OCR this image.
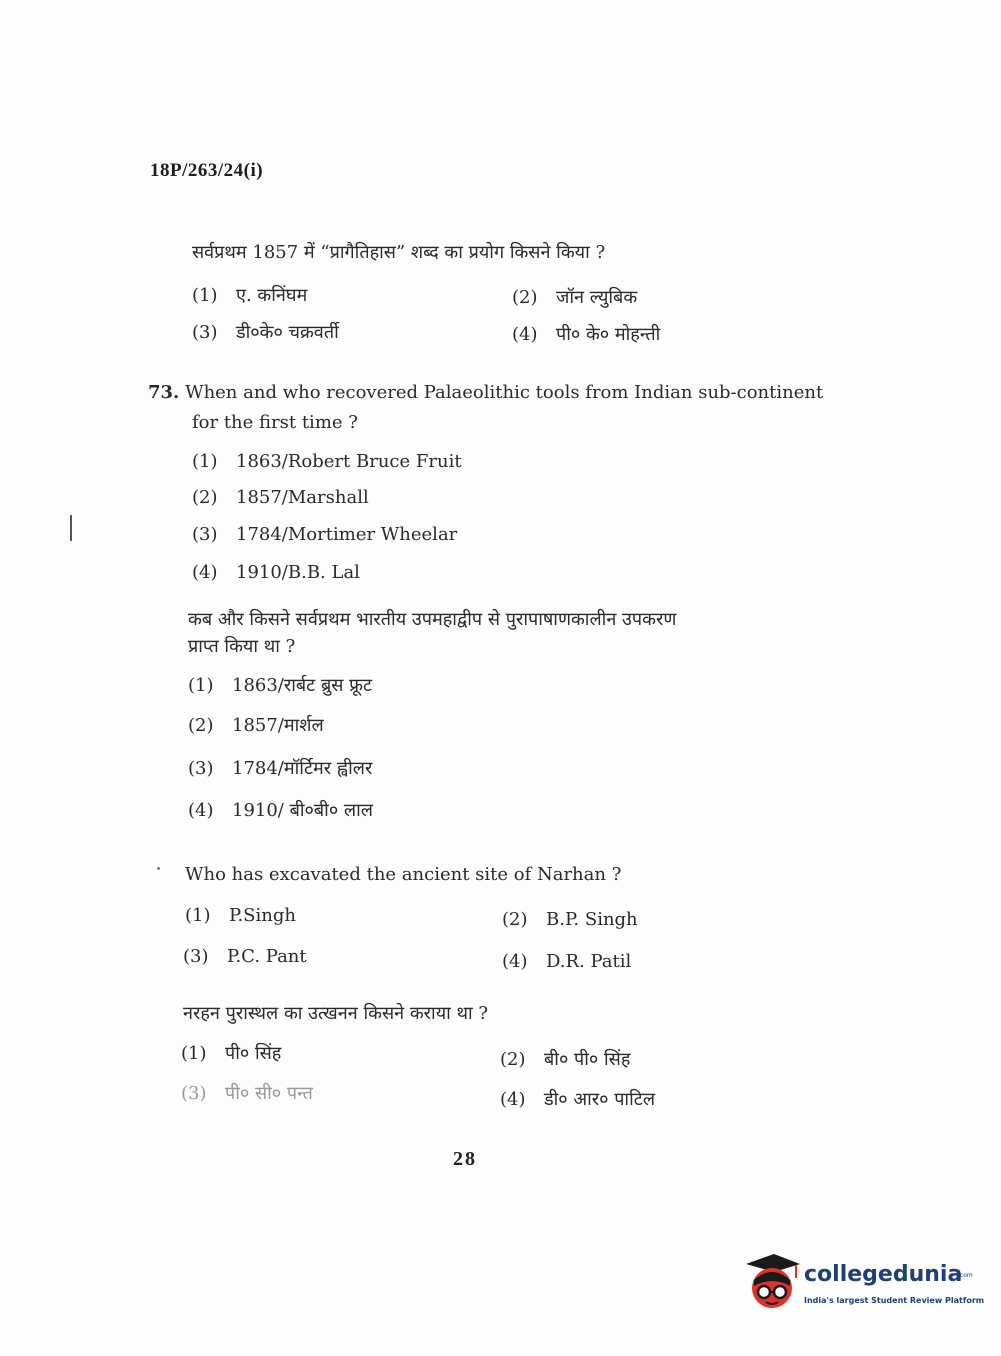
18P/263/24(i)
सर्वप्रथम 1857 में “प्रागैतिहास” शब्द का प्रयोग किसने किया ?
(1) ए. कनिंघम	(2) जॉन ल्युबिक
(3) डी०के० चक्रवर्ती	(4) पी० के० मोहन्ती
73. When and who recovered Palaeolithic tools from Indian sub-continent
for the first time ?
(1) 1863/Robert Bruce Fruit
(2) 1857/Marshall
(3) 1784/Mortimer Wheelar
(4) 1910/B.B. Lal
कब और किसने सर्वप्रथम भारतीय उपमहाद्वीप से पुरापाषाणकालीन उपकरण
प्राप्त किया था ?
(1) 1863/रार्बट ब्रुस फ्रूट
(2) 1857/मार्शल
(3) 1784/मॉर्टिमर ह्वीलर
(4) 1910/ बी०बी० लाल
Who has excavated the ancient site of Narhan ?
(1) P.Singh	(2) B.P. Singh
(3) P.C. Pant	(4) D.R. Patil
नरहन पुरास्थल का उत्खनन किसने कराया था ?
(1) पी० सिंह	(2) बी० पी० सिंह
(3) पी० सी० पन्त	(4) डी० आर० पाटिल
28
collegedunia
.com
India's largest Student Review Platform
